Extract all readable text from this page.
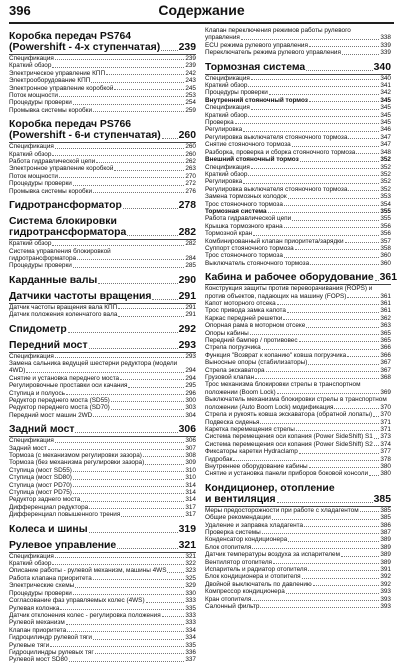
396	Содержание
Коробка передач PS764
(Powershift - 4-х ступенчатая) 239
Спецификация	239
Краткий обзор	239
Электрическое управление КПП	242
Электрооборудование КПП	243
Электронное управление коробкой	245
Поток мощности	253
Процедуры проверки	254
Промывка системы коробки	259
Коробка передач PS766
(Powershift - 6-и ступенчатая) 260
Спецификация	260
Краткий обзор	260
Работа гидравлической цепи	262
Электронное управление коробкой	263
Поток мощности	270
Процедуры проверки	272
Промывка системы коробки	276
Гидротрансформатор	278
Система блокировки
гидротрансформатора	282
Краткий обзор	282
Система управления блокировкой
гидротрансформатора	284
Процедуры проверки	285
Карданные валы	290
Датчики частоты вращения	291
Датчик частоты вращения вала КПП	291
Датчик положения коленчатого вала	291
Спидометр	292
Передний мост	293
Спецификация	293
Замена сальника ведущей шестерни редуктора (модели
4WD)	294
Снятие и установка переднего моста	294
Регулировочные проставки оси качания	295
Ступица и полуось	296
Редуктор переднего моста (SD55)	300
Редуктор переднего моста (SD70)	303
Передний мост машин 2WD	304
Задний мост	306
Спецификация	306
Задний мост	307
Тормоза (с механизмом регулировки зазора)	308
Тормоза (без механизма регулировки зазора)	309
Ступица (мост SD55)	310
Ступица (мост SD80)	310
Ступица (мост PD70)	314
Ступица (мост PD75)	314
Редуктор заднего моста	314
Дифференциал редуктора	317
Дифференциал повышенного трения	317
Колеса и шины	319
Рулевое управление	321
Спецификация	321
Краткий обзор	322
Описание работы - рулевой механизм, машины 4WS	323
Работа клапана приоритета	325
Электрические схемы	329
Процедуры проверки	330
Согласование фаз управляемых колес (4WS)	333
Рулевая колонка	335
Датчик отклонения колес - регулировка положения	333
Рулевой механизм	333
Клапан приоритета	334
Гидроцилиндр рулевой тяги	334
Рулевые тяги	335
Гидроцилиндры рулевых тяг	336
Рулевой мост SD80	337
Клапан переключения режимов работы рулевого
управления	338
ECU режима рулевого управления	339
Переключатель режима рулевого управления	339
Тормозная система	340
Спецификация	340
Краткий обзор	341
Процедуры проверки	342
Внутренний стояночный тормоз	345
Спецификация	345
Краткий обзор	345
Проверка	345
Регулировка	346
Регулировка выключателя стояночного тормоза	347
Снятие стояночного тормоза	347
Разборка, проверка и сборка стояночного тормоза	348
Внешний стояночный тормоз	352
Спецификация	352
Краткий обзор	352
Регулировка	352
Регулировка выключателя стояночного тормоза	352
Замена тормозных колодок	353
Трос стояночного тормоза	354
Тормозная система	355
Работа гидравлической цепи	355
Крышка тормозного крана	356
Тормозной кран	356
Комбинированный клапан приоритета/зарядки	357
Суппорт стояночного тормоза	358
Трос стояночного тормоза	360
Выключатель стояночного тормоза	360
Кабина и рабочее оборудование 361
Конструкция защиты против переворачивания (ROPS) и
против объектов, падающих на машину (FOPS)	361
Капот моторного отсека	361
Трос привода замка капота	361
Каркас передней решетки	362
Опорная рама в моторном отсеке	363
Опоры кабины	365
Передний бампер / противовес	365
Стрела погрузчика	366
Функция "Возврат к копанию" ковша погрузчика	366
Выносные опоры (стабилизаторы)	367
Стрела экскаватора	367
Грузовой клапан	368
Трос механизма блокировки стрелы в транспортном
положении (Boom Lock)	369
Выключатель механизма блокировки стрелы в транспортном
положении (Auto Boom Lock) модификация	370
Стрела и рукоять ковша экскаватора (обратной лопаты) 370
Подвеска сиденья	371
Каретка перемещения стрелы	371
Система перемещения оси копания (Power SideShift) S1 373
Система перемещения оси копания (Power SideShift) S2 374
Фиксаторы каретки Hydraclamp	377
Гидробак	378
Внутреннее оборудование кабины	380
Снятие и установка панели приборов боковой консоли 380
Кондиционер, отопление
и вентиляция	385
Меры предосторожности при работе с хладагентом	385
Общие рекомендации	385
Удаление и заправка хладагента	386
Проверка системы	387
Конденсатор кондиционера	389
Блок отопителя	389
Датчик температуры воздуха за испарителем	389
Вентилятор отопителя	389
Испаритель и радиатор отопителя	391
Блок кондиционера и отопителя	392
Двойной выключатель по давлению	392
Компрессор кондиционера	393
Кран отопителя	393
Салонный фильтр	393
